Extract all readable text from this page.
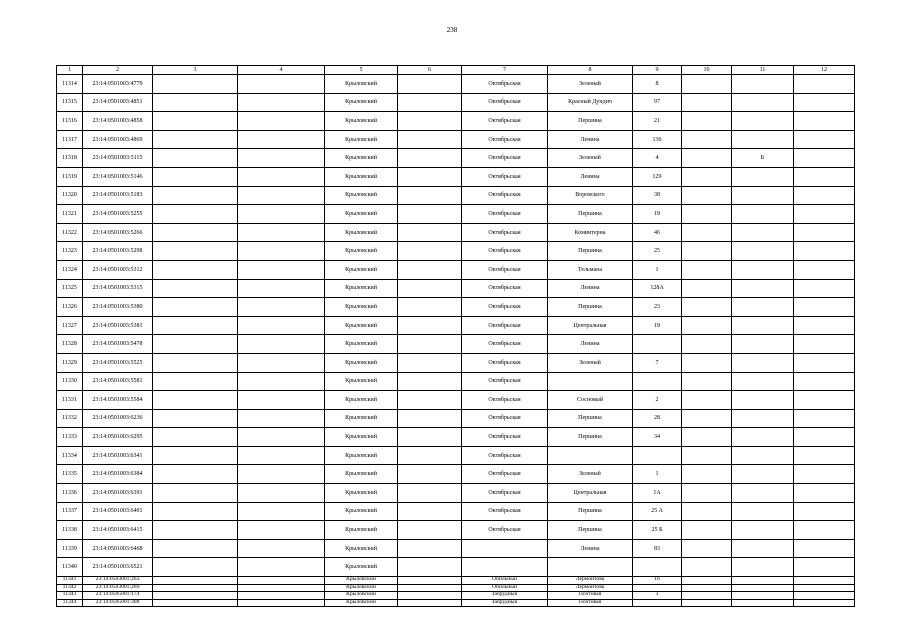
238
1	2	3	4	5	6	7	8	9	10	11	12
11314	23:14:0501003:4779			Крыловский		Октябрьская	Зеленый	8			
11315	23:14:0501003:4851			Крыловский		Октябрьская	Красный Дундич	97			
11316	23:14:0501003:4858			Крыловский		Октябрьская	Першина	21			
11317	23:14:0501003:4869			Крыловский		Октябрьская	Ленина	130			
11318	23:14:0501003:5115			Крыловский		Октябрьская	Зеленый	4		Б	
11319	23:14:0501003:5146			Крыловский		Октябрьская	Ленина	129			
11320	23:14:0501003:5183			Крыловский		Октябрьская	Воровского	38			
11321	23:14:0501003:5255			Крыловский		Октябрьская	Першина	19			
11322	23:14:0501003:5266			Крыловский		Октябрьская	Коминтерна	46			
11323	23:14:0501003:5298			Крыловский		Октябрьская	Першина	25			
11324	23:14:0501003:5312			Крыловский		Октябрьская	Тельмана	1			
11325	23:14:0501003:5315			Крыловский		Октябрьская	Ленина	128А			
11326	23:14:0501003:5380			Крыловский		Октябрьская	Першина	23			
11327	23:14:0501003:5381			Крыловский		Октябрьская	Центральная	19			
11328	23:14:0501003:5478			Крыловский		Октябрьская	Ленина				
11329	23:14:0501003:5525			Крыловский		Октябрьская	Зеленый	7			
11330	23:14:0501003:5581			Крыловский		Октябрьская					
11331	23:14:0501003:5584			Крыловский		Октябрьская	Сосновый	2			
11332	23:14:0501003:6236			Крыловский		Октябрьская	Першина	28			
11333	23:14:0501003:6295			Крыловский		Октябрьская	Першина	34			
11334	23:14:0501003:6341			Крыловский		Октябрьская					
11335	23:14:0501003:6384			Крыловский		Октябрьская	Зеленый	1			
11336	23:14:0501003:6391			Крыловский		Октябрьская	Центральная	1А			
11337	23:14:0501003:6401			Крыловский		Октябрьская	Першина	25 А			
11338	23:14:0501003:6415			Крыловский		Октябрьская	Першина	25 Б			
11339	23:14:0501003:6468			Крыловский			Ленина	83			
11340	23:14:0501003:6521			Крыловский							
11341	23:14:0503001:263			Крыловский		Обильный	Лермонтова	16			
11342	23:14:0503001:269			Крыловский		Обильный	Лермонтова				
11343	23:14:0505001:174			Крыловский		Запрудный	Почтовая	3			
11344	23:14:0505001:308			Крыловский		Запрудный	Почтовая				
